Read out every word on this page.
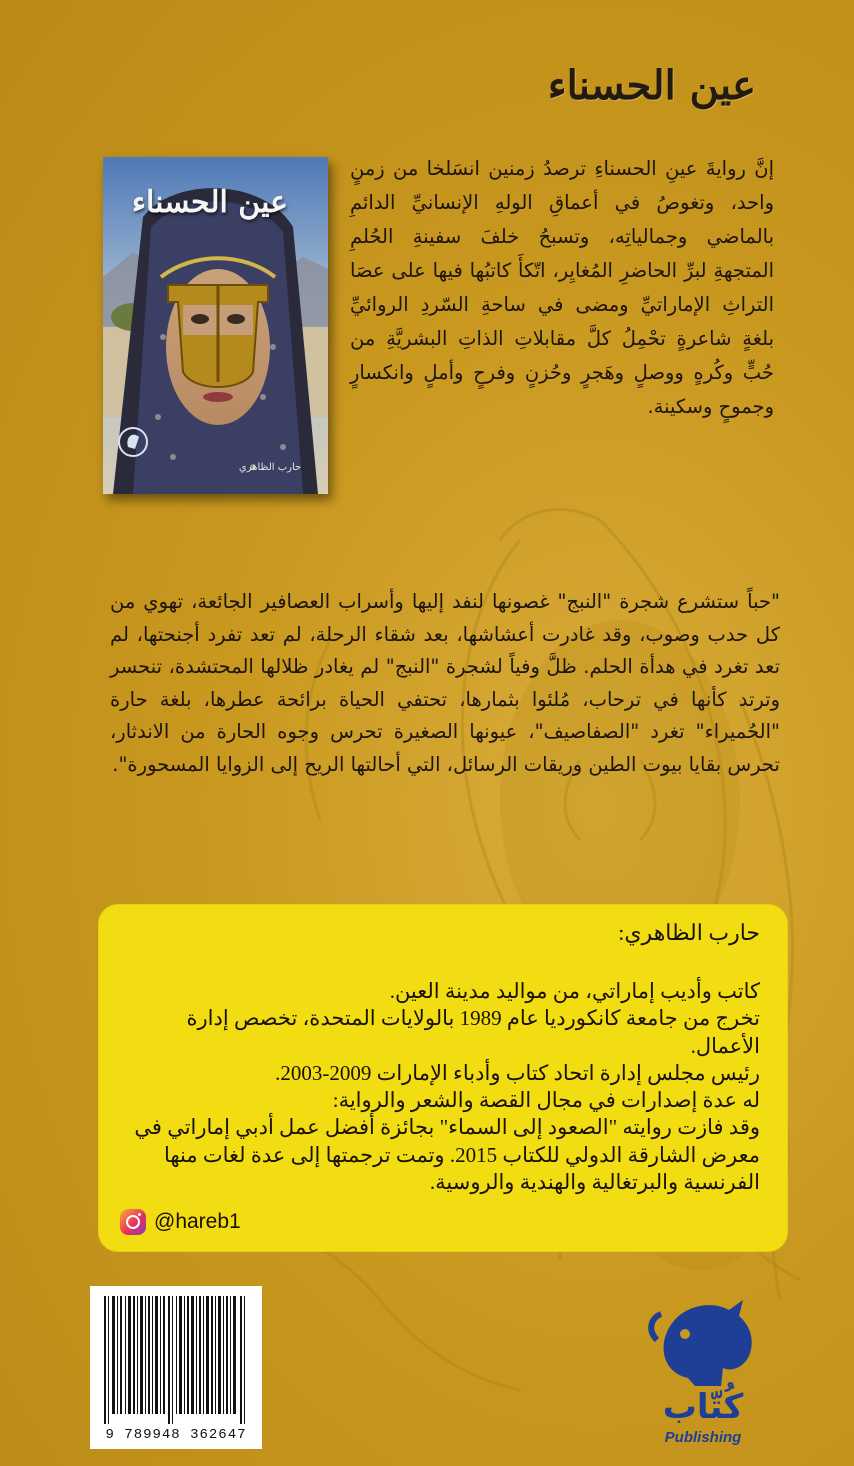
عين الحسناء
عين الحسناء
حارب الظاهري

إنَّ روايةَ عينِ الحسناءِ ترصدُ زمنين انسَلخا من زمنٍ واحد، وتغوصُ في أعماقِ الولهِ الإنسانيِّ الدائمِ بالماضي وجمالياتِه، وتسبحُ خلفَ سفينةِ الحُلمِ المتجهةِ لبرِّ الحاضرِ المُغايِر، اتّكأَ كاتبُها فيها على عصَا التراثِ الإماراتيِّ ومضى في ساحةِ السّردِ الروائيِّ بلغةٍ شاعرةٍ تحْمِلُ كلَّ مقابلاتِ الذاتِ البشريَّةِ من حُبٍّ وكُرهٍ ووصلٍ وهَجرٍ وحُزنٍ وفرحٍ وأملٍ وانكسارٍ وجموحٍ وسكينة.

"حباً ستشرع شجرة "النبج" غصونها لنفد إليها وأسراب العصافير الجائعة، تهوي من كل حدب وصوب، وقد غادرت أعشاشها، بعد شقاء الرحلة، لم تعد تفرد أجنحتها، لم تعد تغرد في هدأة الحلم. ظلَّ وفياً لشجرة "النبج" لم يغادر ظلالها المحتشدة، تنحسر وترتد كأنها في ترحاب، مُلئوا بثمارها، تحتفي الحياة برائحة عطرها، بلغة حارة "الحُميراء" تغرد "الصفاصيف"، عيونها الصغيرة تحرس وجوه الحارة من الاندثار، تحرس بقايا بيوت الطين وريقات الرسائل، التي أحالتها الريح إلى الزوايا المسحورة".

حارب الظاهري:
كاتب وأديب إماراتي، من مواليد مدينة العين.
تخرج من جامعة كانكورديا عام 1989 بالولايات المتحدة، تخصص إدارة الأعمال.
رئيس مجلس إدارة اتحاد كتاب وأدباء الإمارات 2009-2003.
له عدة إصدارات في مجال القصة والشعر والرواية:
وقد فازت روايته "الصعود إلى السماء" بجائزة أفضل عمل أدبي إماراتي في معرض الشارقة الدولي للكتاب 2015. وتمت ترجمتها إلى عدة لغات منها الفرنسية والبرتغالية والهندية والروسية.
@hareb1
9 789948 362647
كُتّاب
Publishing
